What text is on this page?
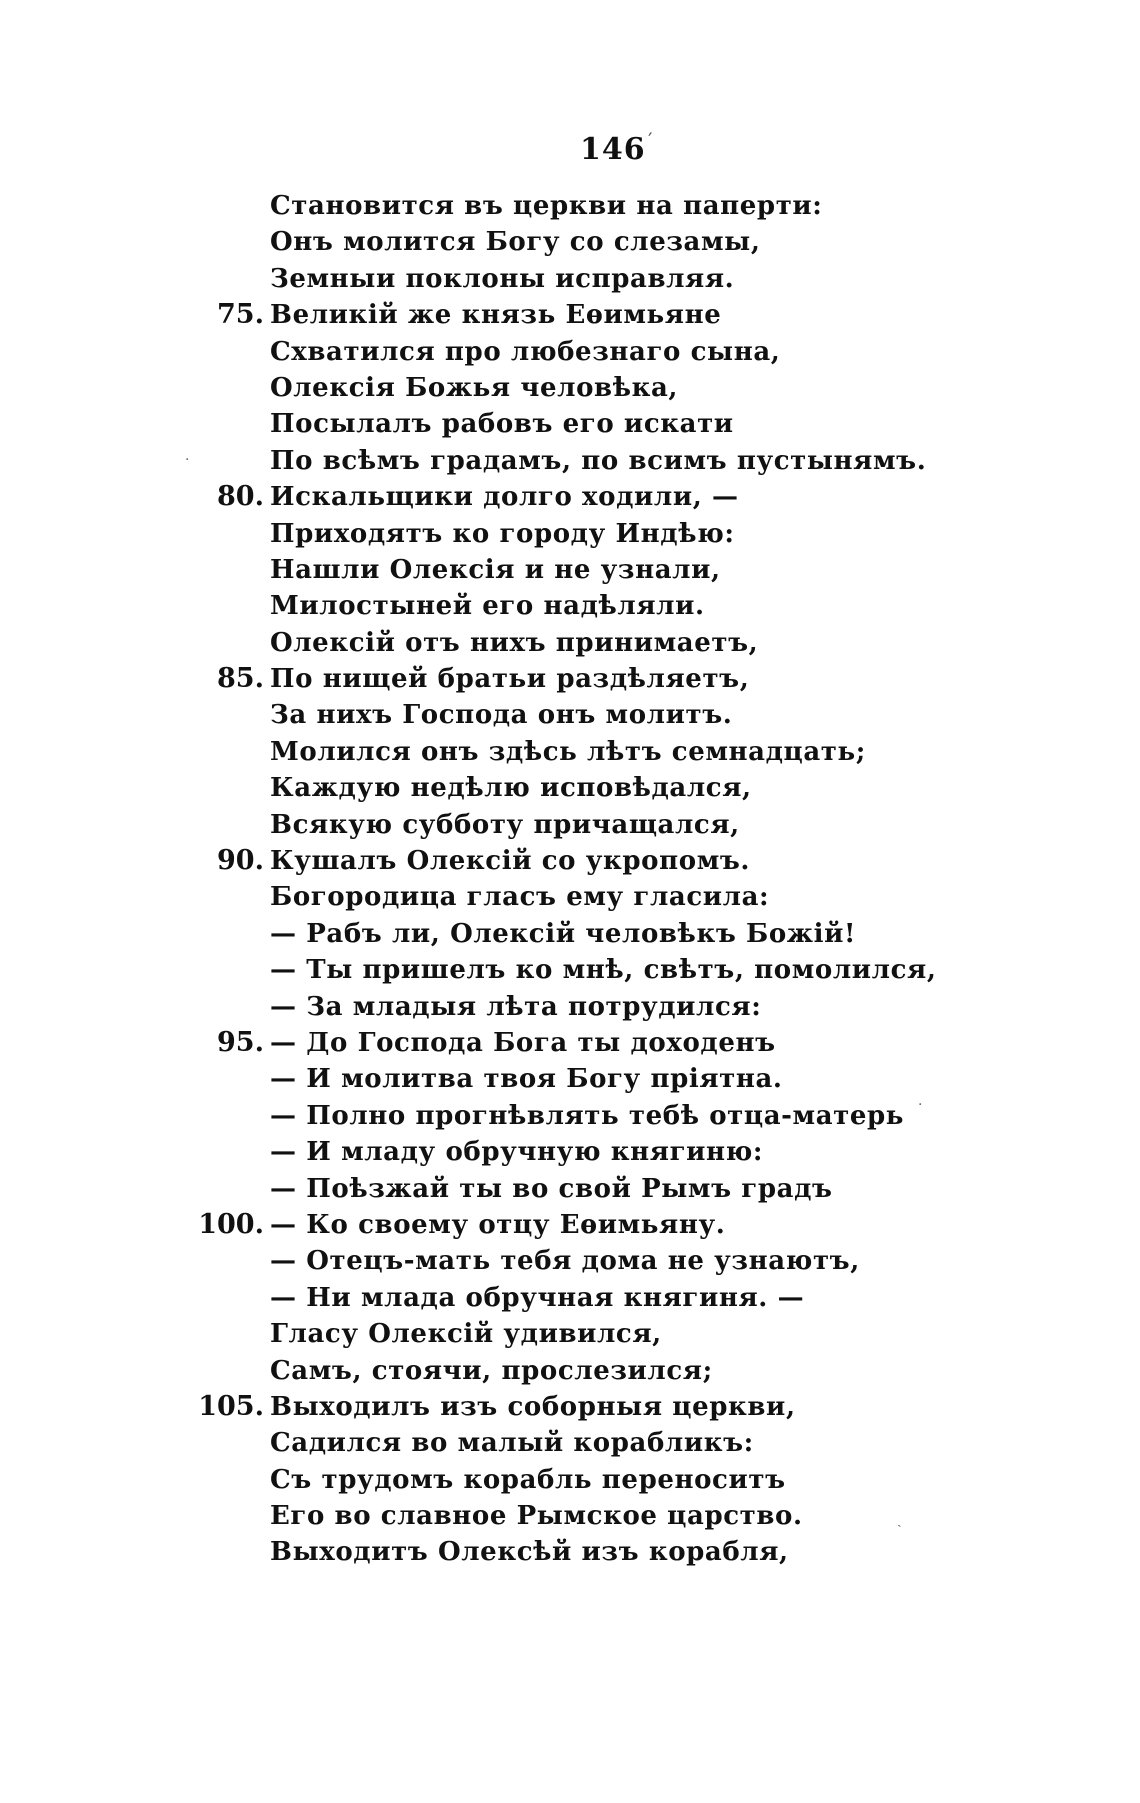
146 ′
Становится въ церкви на паперти:
Онъ молится Богу со слезамы,
Земныи поклоны исправляя.
75. Великій же князь Еѳимьяне
Схватился про любезнаго сына,
Олексія Божья человѣка,
Посылалъ рабовъ его искати
По всѣмъ градамъ, по всимъ пустынямъ.
80. Искальщики долго ходили, —
Приходятъ ко городу Индѣю:
Нашли Олексія и не узнали,
Милостыней его надѣляли.
Олексій отъ нихъ принимаетъ,
85. По нищей братьи раздѣляетъ,
За нихъ Господа онъ молитъ.
Молился онъ здѣсь лѣтъ семнадцать;
Каждую недѣлю исповѣдался,
Всякую субботу причащался,
90. Кушалъ Олексій со укропомъ.
Богородица гласъ ему гласила:
— Рабъ ли, Олексій человѣкъ Божій!
— Ты пришелъ ко мнѣ, свѣтъ, помолился,
— За младыя лѣта потрудился:
95. — До Господа Бога ты доходенъ
— И молитва твоя Богу пріятна.
— Полно прогнѣвлять тебѣ отца-матерь
— И младу обручную княгиню:
— Поѣзжай ты во свой Рымъ градъ
100. — Ко своему отцу Еѳимьяну.
— Отецъ-мать тебя дома не узнаютъ,
— Ни млада обручная княгиня. —
Гласу Олексій удивился,
Самъ, стоячи, прослезился;
105. Выходилъ изъ соборныя церкви,
Садился во малый корабликъ:
Съ трудомъ корабль переноситъ
Его во славное Рымское царство.
Выходитъ Олексѣй изъ корабля,
·
·
ˎ
